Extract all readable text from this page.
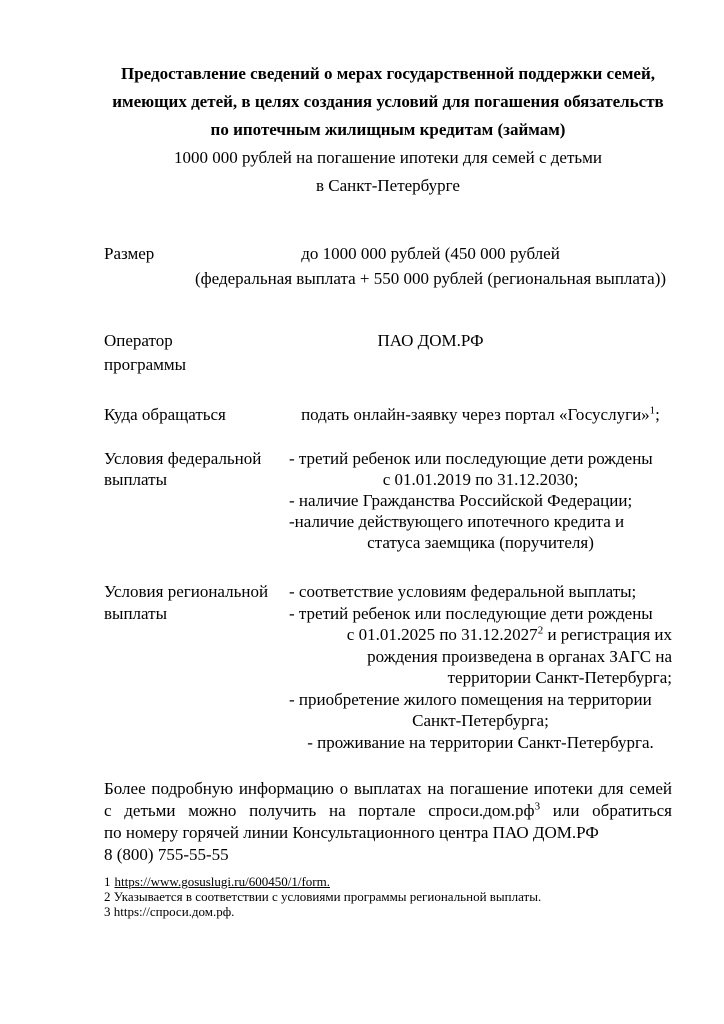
Предоставление сведений о мерах государственной поддержки семей,
имеющих детей, в целях создания условий для погашения обязательств
по ипотечным жилищным кредитам (займам)
1000 000 рублей на погашение ипотеки для семей с детьми
в Санкт-Петербурге
Размер	до 1000 000 рублей (450 000 рублей
(федеральная выплата + 550 000 рублей (региональная выплата))
Оператор
программы
ПАО ДОМ.РФ
Куда обращаться	подать онлайн-заявку через портал «Госуслуги»$^1$;
Условия федеральной
выплаты
- третий ребенок или последующие дети рождены
с 01.01.2019 по 31.12.2030;
- наличие Гражданства Российской Федерации;
-наличие действующего ипотечного кредита и
статуса заемщика (поручителя)
Условия региональной
выплаты
- соответствие условиям федеральной выплаты;
- третий ребенок или последующие дети рождены
с 01.01.2025 по 31.12.2027$^2$ и регистрация их
рождения произведена в органах ЗАГС на
территории Санкт-Петербурга;
- приобретение жилого помещения на территории
Санкт-Петербурга;
- проживание на территории Санкт-Петербурга.
Более подробную информацию о выплатах на погашение ипотеки для семей
с детьми можно получить на портале $спроси.дом.рф^3$ или обратиться
по номеру горячей линии Консультационного центра ПАО ДОМ.РФ
8 (800) 755-55-55
1 https://www.gosuslugi.ru/600450/1/form.
2 Указывается в соответствии с условиями программы региональной выплаты.
3 https://спроси.дом.рф.
